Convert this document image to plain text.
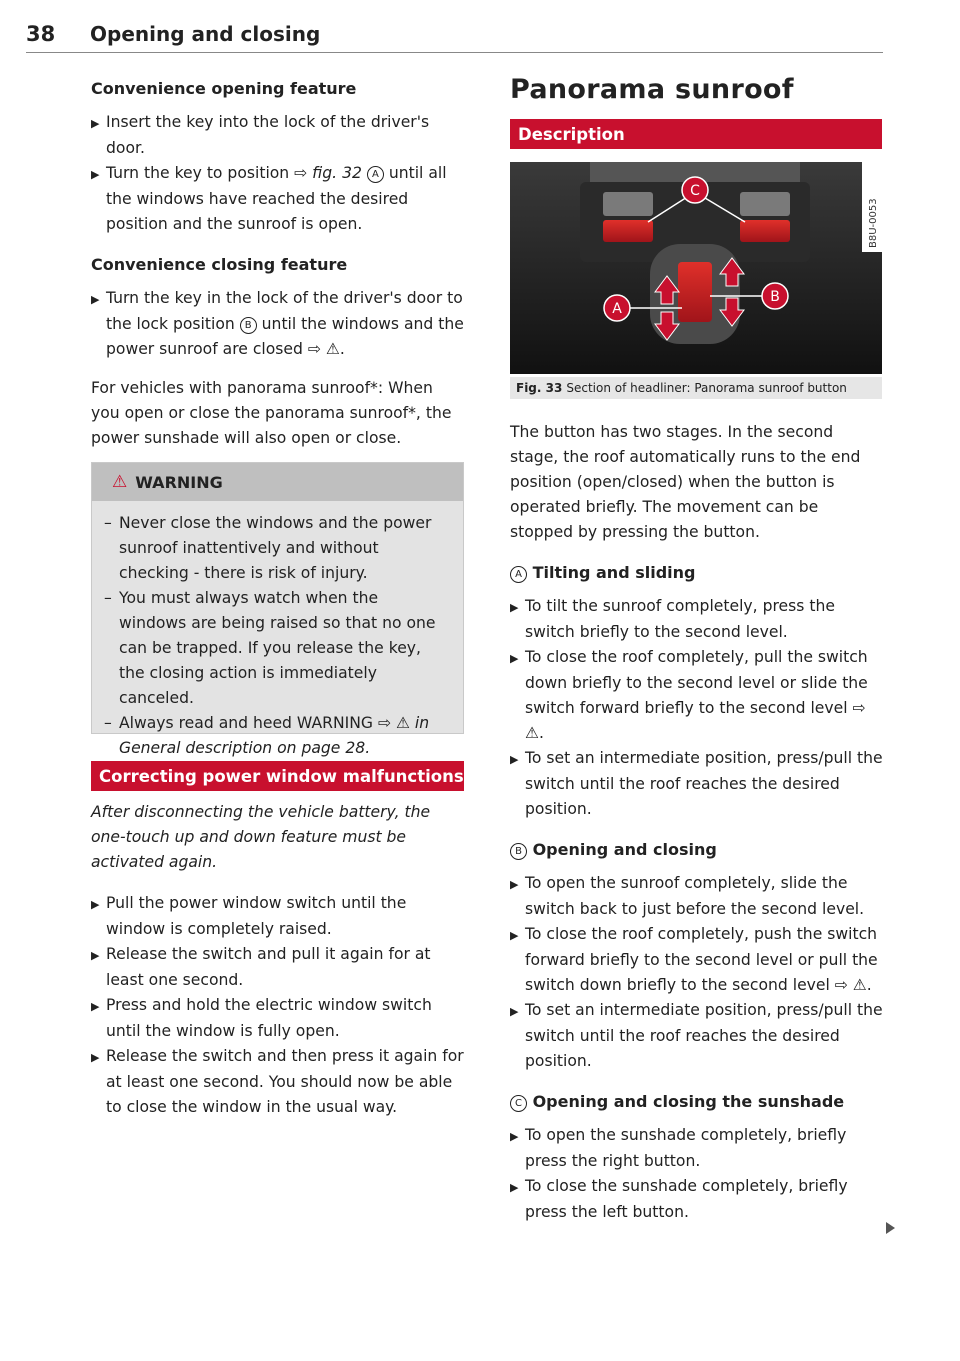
38 Opening and closing

Convenience opening feature

▶ Insert the key into the lock of the driver's door.

▶ Turn the key to position ⇨ fig. 32 A until all the windows have reached the desired position and the sunroof is open.

Convenience closing feature

▶ Turn the key in the lock of the driver's door to the lock position B until the windows and the power sunroof are closed ⇨ ⚠.

For vehicles with panorama sunroof*: When you open or close the panorama sunroof*, the power sunshade will also open or close.

⚠ WARNING

– Never close the windows and the power sunroof inattentively and without checking - there is risk of injury.

– You must always watch when the windows are being raised so that no one can be trapped. If you release the key, the closing action is immediately canceled.

– Always read and heed WARNING ⇨ ⚠ in General description on page 28.

Correcting power window malfunctions

After disconnecting the vehicle battery, the one-touch up and down feature must be activated again.

▶ Pull the power window switch until the window is completely raised.

▶ Release the switch and pull it again for at least one second.

▶ Press and hold the electric window switch until the window is fully open.

▶ Release the switch and then press it again for at least one second. You should now be able to close the window in the usual way.

Panorama sunroof
Description
A
B
C
B8U-0053
Fig. 33 Section of headliner: Panorama sunroof button

The button has two stages. In the second stage, the roof automatically runs to the end position (open/closed) when the button is operated briefly. The movement can be stopped by pressing the button.

A Tilting and sliding

▶ To tilt the sunroof completely, press the switch briefly to the second level.

▶ To close the roof completely, pull the switch down briefly to the second level or slide the switch forward briefly to the second level ⇨ ⚠.

▶ To set an intermediate position, press/pull the switch until the roof reaches the desired position.

B Opening and closing

▶ To open the sunroof completely, slide the switch back to just before the second level.

▶ To close the roof completely, push the switch forward briefly to the second level or pull the switch down briefly to the second level ⇨ ⚠.

▶ To set an intermediate position, press/pull the switch until the roof reaches the desired position.

C Opening and closing the sunshade

▶ To open the sunshade completely, briefly press the right button.

▶ To close the sunshade completely, briefly press the left button.
